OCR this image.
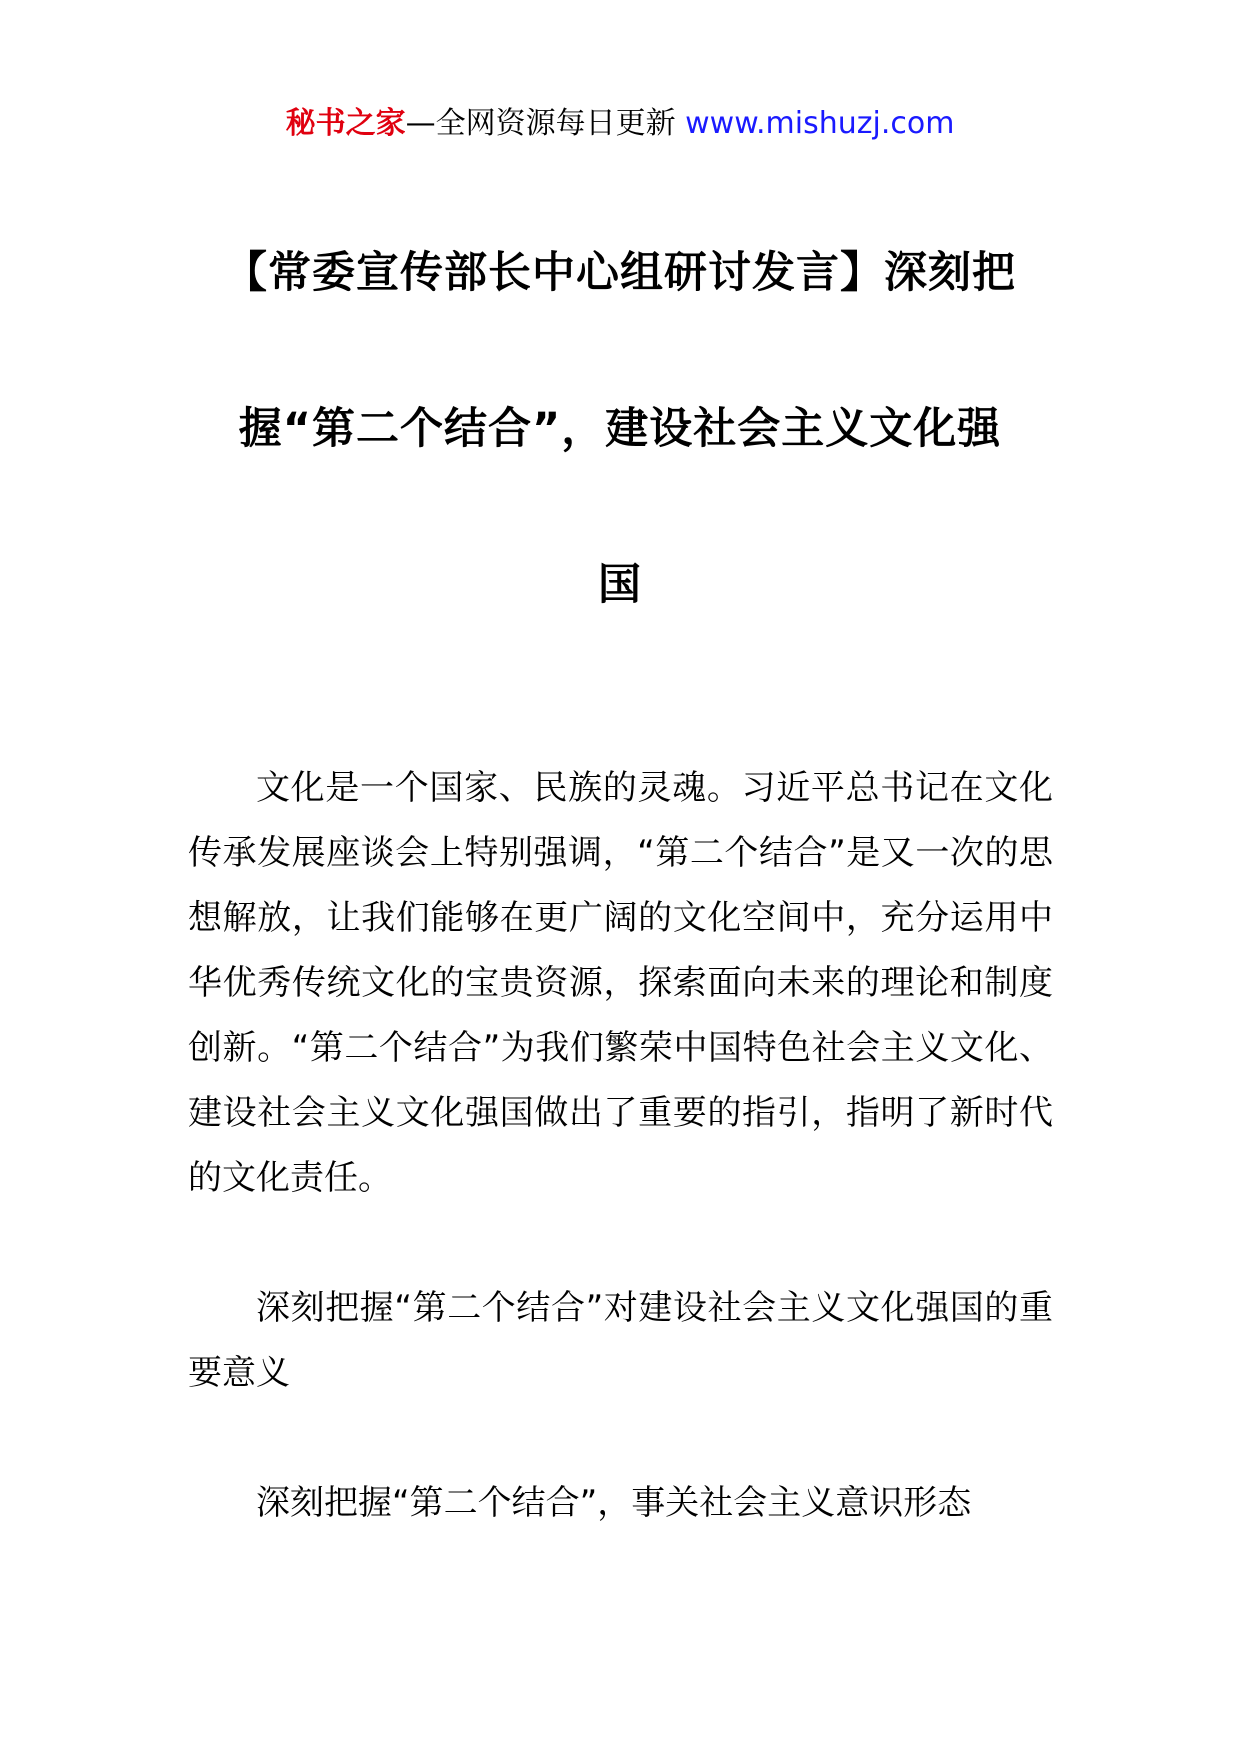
秘书之家—全网资源每日更新 www.mishuzj.com
【常委宣传部长中心组研讨发言】深刻把
握“第二个结合”，建设社会主义文化强
国

文化是一个国家、民族的灵魂。习近平总书记在文化传承发展座谈会上特别强调，“第二个结合”是又一次的思想解放，让我们能够在更广阔的文化空间中，充分运用中华优秀传统文化的宝贵资源，探索面向未来的理论和制度创新。“第二个结合”为我们繁荣中国特色社会主义文化、建设社会主义文化强国做出了重要的指引，指明了新时代的文化责任。

深刻把握“第二个结合”对建设社会主义文化强国的重要意义

深刻把握“第二个结合”，事关社会主义意识形态
